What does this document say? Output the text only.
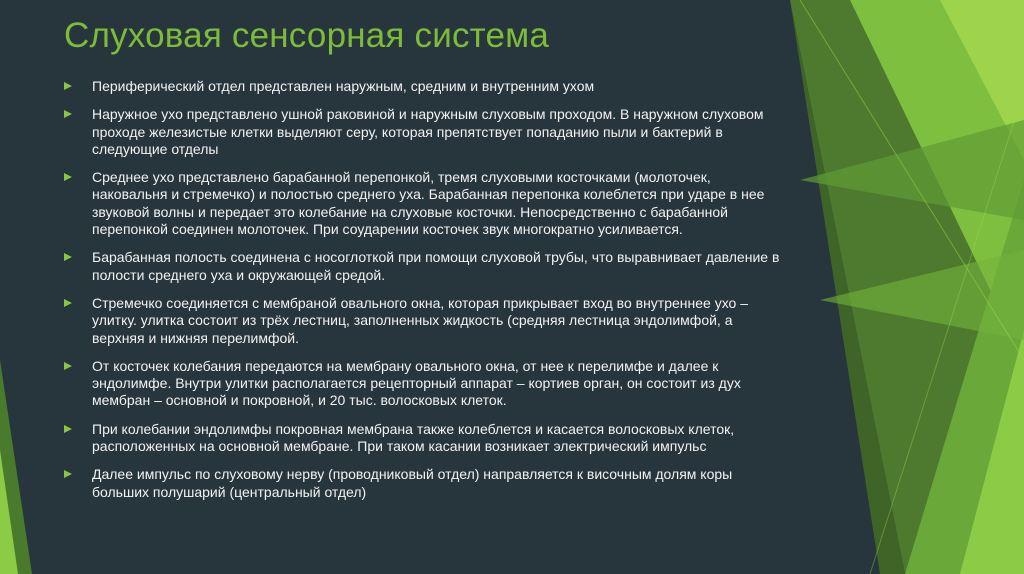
Слуховая сенсорная система
Периферический отдел представлен наружным, средним и внутренним ухом
Наружное ухо представлено ушной раковиной и наружным слуховым проходом. В наружном слуховом проходе железистые клетки выделяют серу, которая препятствует попаданию пыли и бактерий в следующие отделы
Среднее ухо представлено барабанной перепонкой, тремя слуховыми косточками (молоточек, наковальня и стремечко) и полостью среднего уха. Барабанная перепонка колеблется при ударе в нее звуковой волны и передает это колебание на слуховые косточки. Непосредственно с барабанной перепонкой соединен молоточек. При соударении косточек звук многократно усиливается.
Барабанная полость соединена с носоглоткой при помощи слуховой трубы, что выравнивает давление в полости среднего уха и окружающей средой.
Стремечко соединяется с мембраной овального окна, которая прикрывает вход во внутреннее ухо – улитку. улитка состоит из трёх лестниц, заполненных жидкость (средняя лестница эндолимфой, а верхняя и нижняя перелимфой.
От косточек колебания передаются на мембрану овального окна, от нее к перелимфе и далее к эндолимфе. Внутри улитки располагается рецепторный аппарат – кортиев орган, он состоит из дух мембран – основной и покровной, и 20 тыс. волосковых клеток.
При колебании эндолимфы покровная мембрана также колеблется и касается волосковых клеток, расположенных на основной мембране. При таком касании возникает электрический импульс
Далее импульс по слуховому нерву (проводниковый отдел) направляется к височным долям коры больших полушарий (центральный отдел)
